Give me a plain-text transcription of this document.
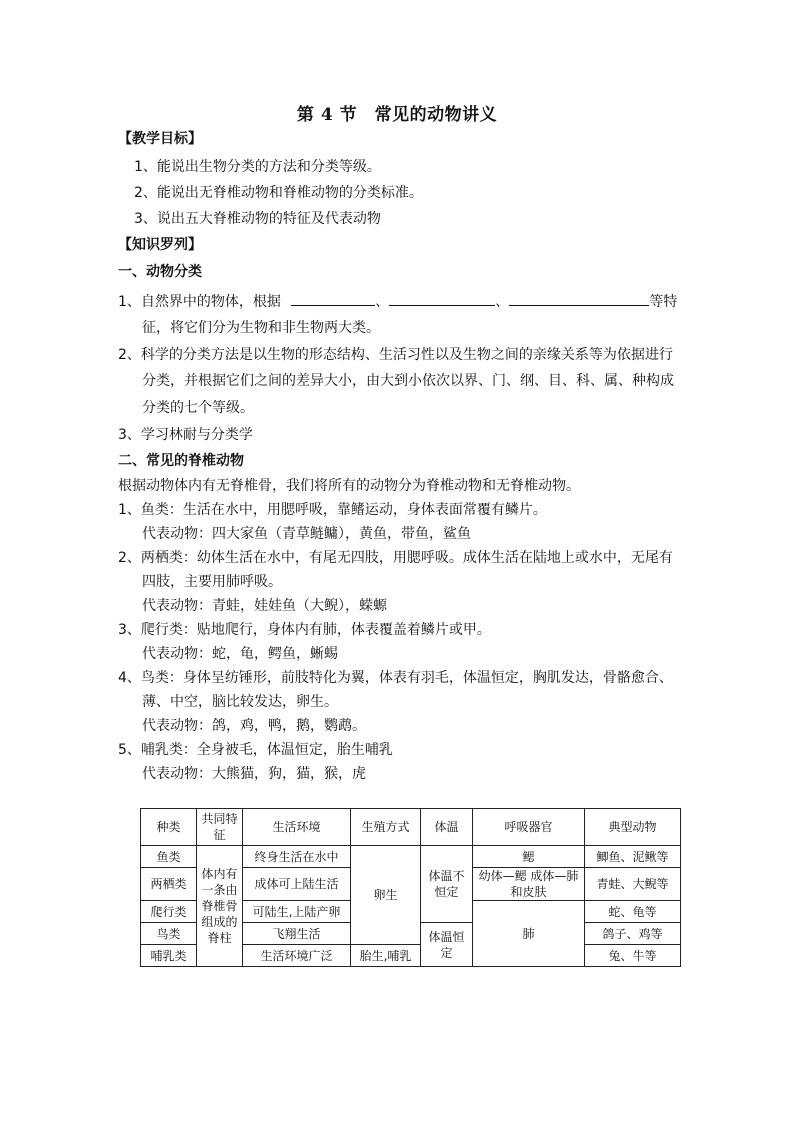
第 4 节　常见的动物讲义
【教学目标】
1、能说出生物分类的方法和分类等级。
2、能说出无脊椎动物和脊椎动物的分类标准。
3、说出五大脊椎动物的特征及代表动物
【知识罗列】
一、动物分类
1、自然界中的物体，根据	、	、	等特
征，将它们分为生物和非生物两大类。
2、科学的分类方法是以生物的形态结构、生活习性以及生物之间的亲缘关系等为依据进行
分类，并根据它们之间的差异大小，由大到小依次以界、门、纲、目、科、属、种构成
分类的七个等级。
3、学习林耐与分类学
二、常见的脊椎动物
根据动物体内有无脊椎骨，我们将所有的动物分为脊椎动物和无脊椎动物。
1、鱼类：生活在水中，用腮呼吸，靠鳍运动，身体表面常覆有鳞片。
代表动物：四大家鱼（青草鲢鳙），黄鱼，带鱼，鲨鱼
2、两栖类：幼体生活在水中，有尾无四肢，用腮呼吸。成体生活在陆地上或水中，无尾有
四肢，主要用肺呼吸。
代表动物：青蛙，娃娃鱼（大鲵），蝾螈
3、爬行类：贴地爬行，身体内有肺，体表覆盖着鳞片或甲。
代表动物：蛇，龟，鳄鱼，蜥蜴
4、鸟类：身体呈纺锤形，前肢特化为翼，体表有羽毛，体温恒定，胸肌发达，骨骼愈合、
薄、中空，脑比较发达，卵生。
代表动物：鸽，鸡，鸭，鹅，鹦鹉。
5、哺乳类：全身被毛，体温恒定，胎生哺乳
代表动物：大熊猫，狗，猫，猴，虎
种类	共同特征	生活环境	生殖方式	体温	呼吸器官	典型动物
鱼类	体内有一条由脊椎骨组成的脊柱	终身生活在水中	卵生	体温不恒定	鳃	鲫鱼、泥鳅等
两栖类		成体可上陆生活			幼体—鳃 成体—肺和皮肤	青蛙、大鲵等
爬行类		可陆生,上陆产卵			肺	蛇、龟等
鸟类		飞翔生活		体温恒定		鸽子、鸡等
哺乳类		生活环境广泛	胎生,哺乳			兔、牛等
